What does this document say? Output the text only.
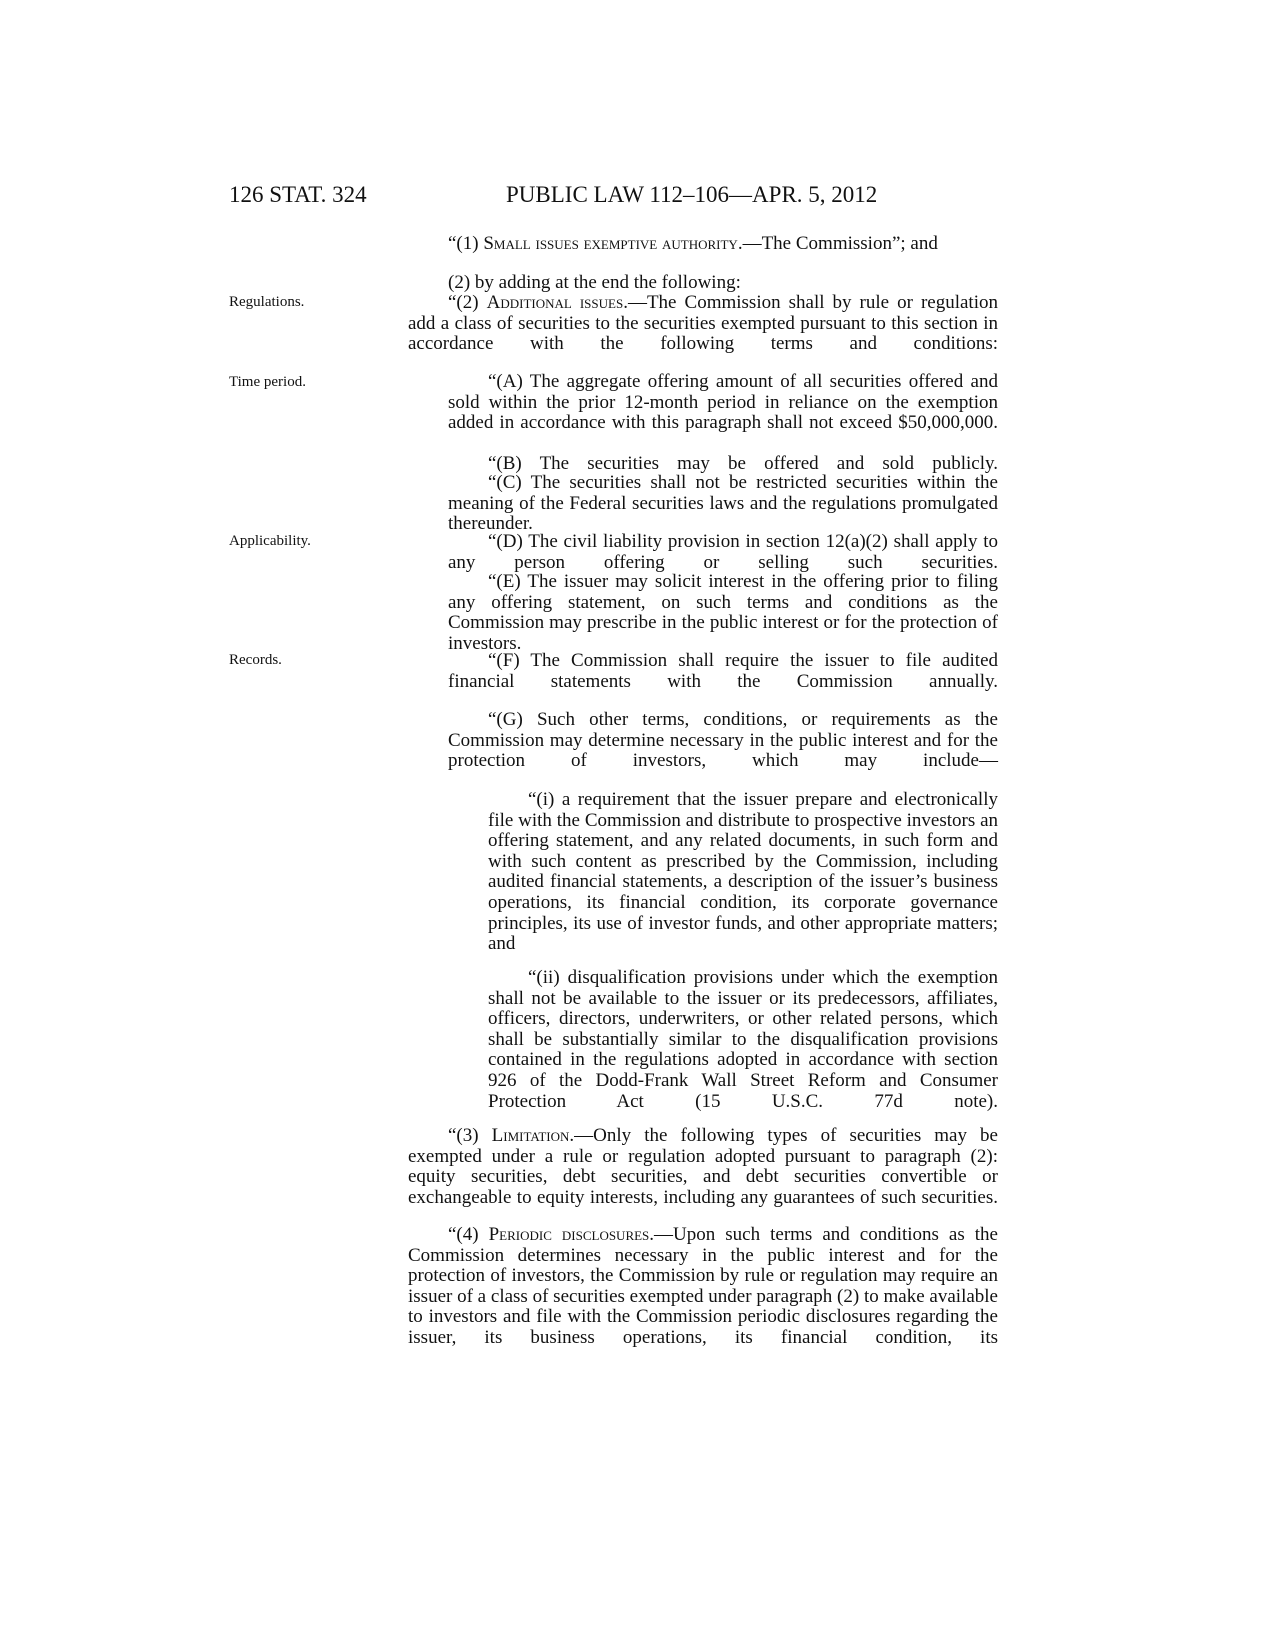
126 STAT. 324	PUBLIC LAW 112–106—APR. 5, 2012
Regulations.
Time period.
Applicability.
Records.
“(1) Small issues exemptive authority.—The Commission”; and
(2) by adding at the end the following:
“(2) Additional issues.—The Commission shall by rule or regulation add a class of securities to the securities exempted pursuant to this section in accordance with the following terms and conditions:
“(A) The aggregate offering amount of all securities offered and sold within the prior 12-month period in reliance on the exemption added in accordance with this paragraph shall not exceed $50,000,000.
“(B) The securities may be offered and sold publicly.
“(C) The securities shall not be restricted securities within the meaning of the Federal securities laws and the regulations promulgated thereunder.
“(D) The civil liability provision in section 12(a)(2) shall apply to any person offering or selling such securities.
“(E) The issuer may solicit interest in the offering prior to filing any offering statement, on such terms and conditions as the Commission may prescribe in the public interest or for the protection of investors.
“(F) The Commission shall require the issuer to file audited financial statements with the Commission annually.
“(G) Such other terms, conditions, or requirements as the Commission may determine necessary in the public interest and for the protection of investors, which may include—
“(i) a requirement that the issuer prepare and electronically file with the Commission and distribute to prospective investors an offering statement, and any related documents, in such form and with such content as prescribed by the Commission, including audited financial statements, a description of the issuer’s business operations, its financial condition, its corporate governance principles, its use of investor funds, and other appropriate matters; and
“(ii) disqualification provisions under which the exemption shall not be available to the issuer or its predecessors, affiliates, officers, directors, underwriters, or other related persons, which shall be substantially similar to the disqualification provisions contained in the regulations adopted in accordance with section 926 of the Dodd-Frank Wall Street Reform and Consumer Protection Act (15 U.S.C. 77d note).
“(3) Limitation.—Only the following types of securities may be exempted under a rule or regulation adopted pursuant to paragraph (2): equity securities, debt securities, and debt securities convertible or exchangeable to equity interests, including any guarantees of such securities.
“(4) Periodic disclosures.—Upon such terms and conditions as the Commission determines necessary in the public interest and for the protection of investors, the Commission by rule or regulation may require an issuer of a class of securities exempted under paragraph (2) to make available to investors and file with the Commission periodic disclosures regarding the issuer, its business operations, its financial condition, its
